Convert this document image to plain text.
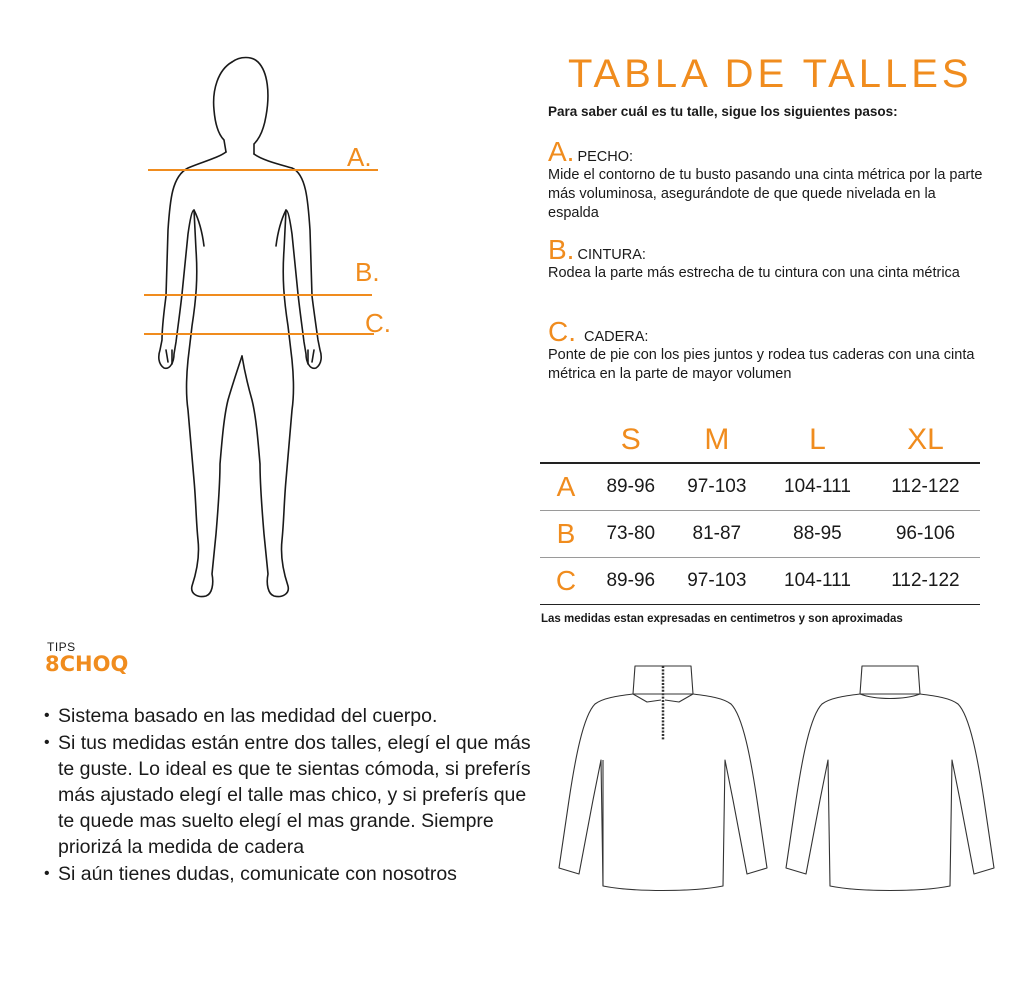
A.
B.
C.
TABLA DE TALLES
Para saber cuál es tu talle, sigue los siguientes pasos:
A. PECHO:
Mide el contorno de tu busto pasando una cinta métrica por la parte más voluminosa, asegurándote de que quede nivelada en la espalda
B. CINTURA:
Rodea la parte más estrecha de tu cintura con una cinta métrica
C. CADERA:
Ponte de pie con los pies juntos y rodea tus caderas con una cinta métrica en la parte de mayor volumen
	S	M	L	XL
A	89-96	97-103	104-111	112-122
B	73-80	81-87	88-95	96-106
C	89-96	97-103	104-111	112-122
Las medidas estan expresadas en centimetros y son aproximadas
TIPS
8CHOQ
• Sistema basado en las medidad del cuerpo.
• Si tus medidas están entre dos talles, elegí el que más te guste. Lo ideal es que te sientas cómoda, si preferís más ajustado elegí el talle mas chico, y si preferís que te quede mas suelto elegí el mas grande. Siempre priorizá la medida de cadera
• Si aún tienes dudas, comunicate con nosotros
